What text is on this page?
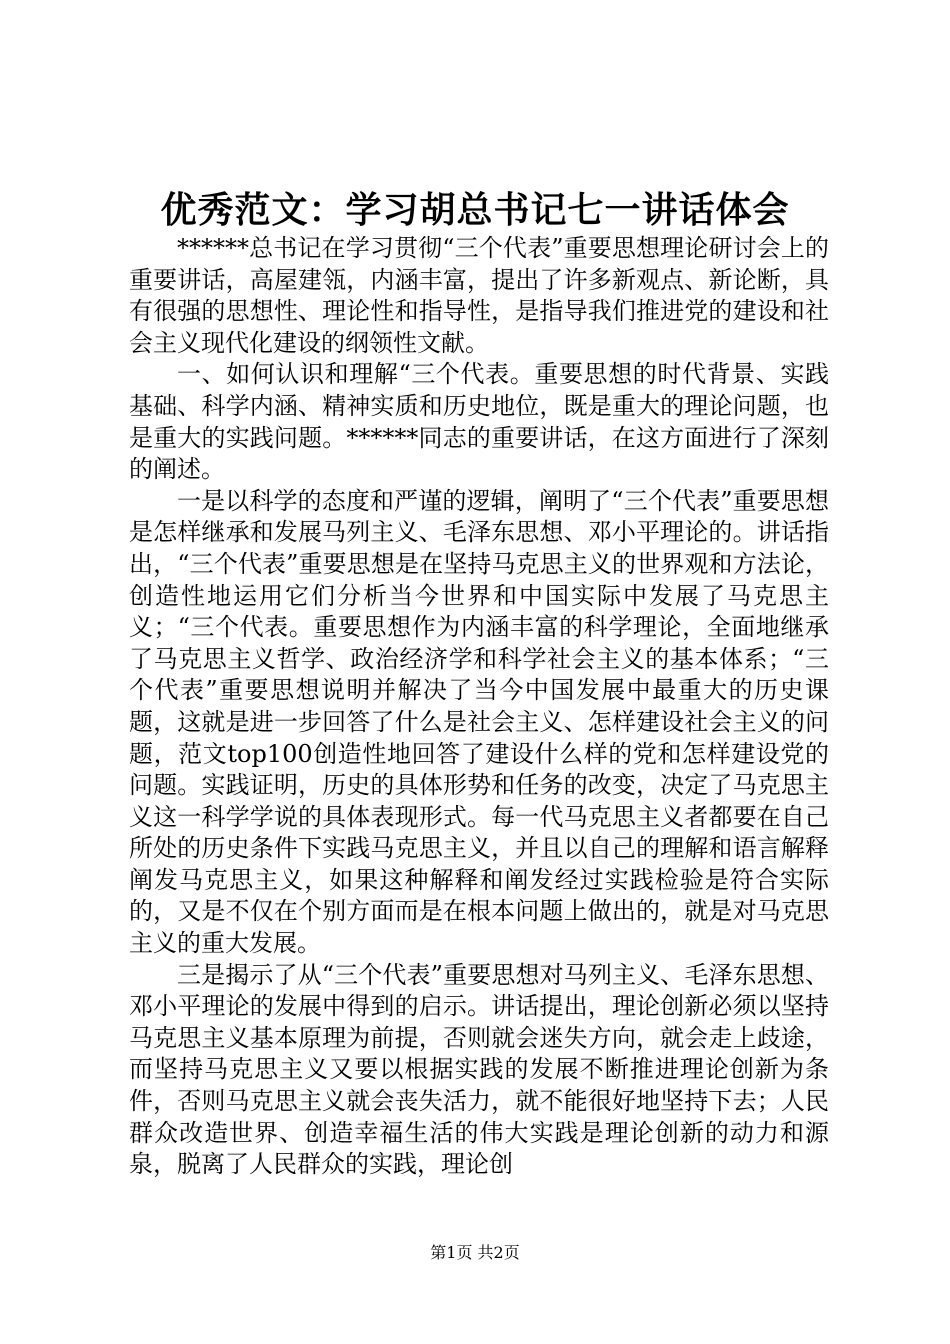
优秀范文：学习胡总书记七一讲话体会

******总书记在学习贯彻“三个代表”重要思想理论研讨会上的重要讲话，高屋建瓴，内涵丰富，提出了许多新观点、新论断，具有很强的思想性、理论性和指导性，是指导我们推进党的建设和社会主义现代化建设的纲领性文献。

一、如何认识和理解“三个代表。重要思想的时代背景、实践基础、科学内涵、精神实质和历史地位，既是重大的理论问题，也是重大的实践问题。******同志的重要讲话，在这方面进行了深刻的阐述。

一是以科学的态度和严谨的逻辑，阐明了“三个代表”重要思想是怎样继承和发展马列主义、毛泽东思想、邓小平理论的。讲话指出，“三个代表”重要思想是在坚持马克思主义的世界观和方法论，创造性地运用它们分析当今世界和中国实际中发展了马克思主义；“三个代表。重要思想作为内涵丰富的科学理论，全面地继承了马克思主义哲学、政治经济学和科学社会主义的基本体系；“三个代表”重要思想说明并解决了当今中国发展中最重大的历史课题，这就是进一步回答了什么是社会主义、怎样建设社会主义的问题，范文top100创造性地回答了建设什么样的党和怎样建设党的问题。实践证明，历史的具体形势和任务的改变，决定了马克思主义这一科学学说的具体表现形式。每一代马克思主义者都要在自己所处的历史条件下实践马克思主义，并且以自己的理解和语言解释阐发马克思主义，如果这种解释和阐发经过实践检验是符合实际的，又是不仅在个别方面而是在根本问题上做出的，就是对马克思主义的重大发展。

三是揭示了从“三个代表”重要思想对马列主义、毛泽东思想、邓小平理论的发展中得到的启示。讲话提出，理论创新必须以坚持马克思主义基本原理为前提，否则就会迷失方向，就会走上歧途，而坚持马克思主义又要以根据实践的发展不断推进理论创新为条件，否则马克思主义就会丧失活力，就不能很好地坚持下去；人民群众改造世界、创造幸福生活的伟大实践是理论创新的动力和源泉，脱离了人民群众的实践，理论创

第1页 共2页
